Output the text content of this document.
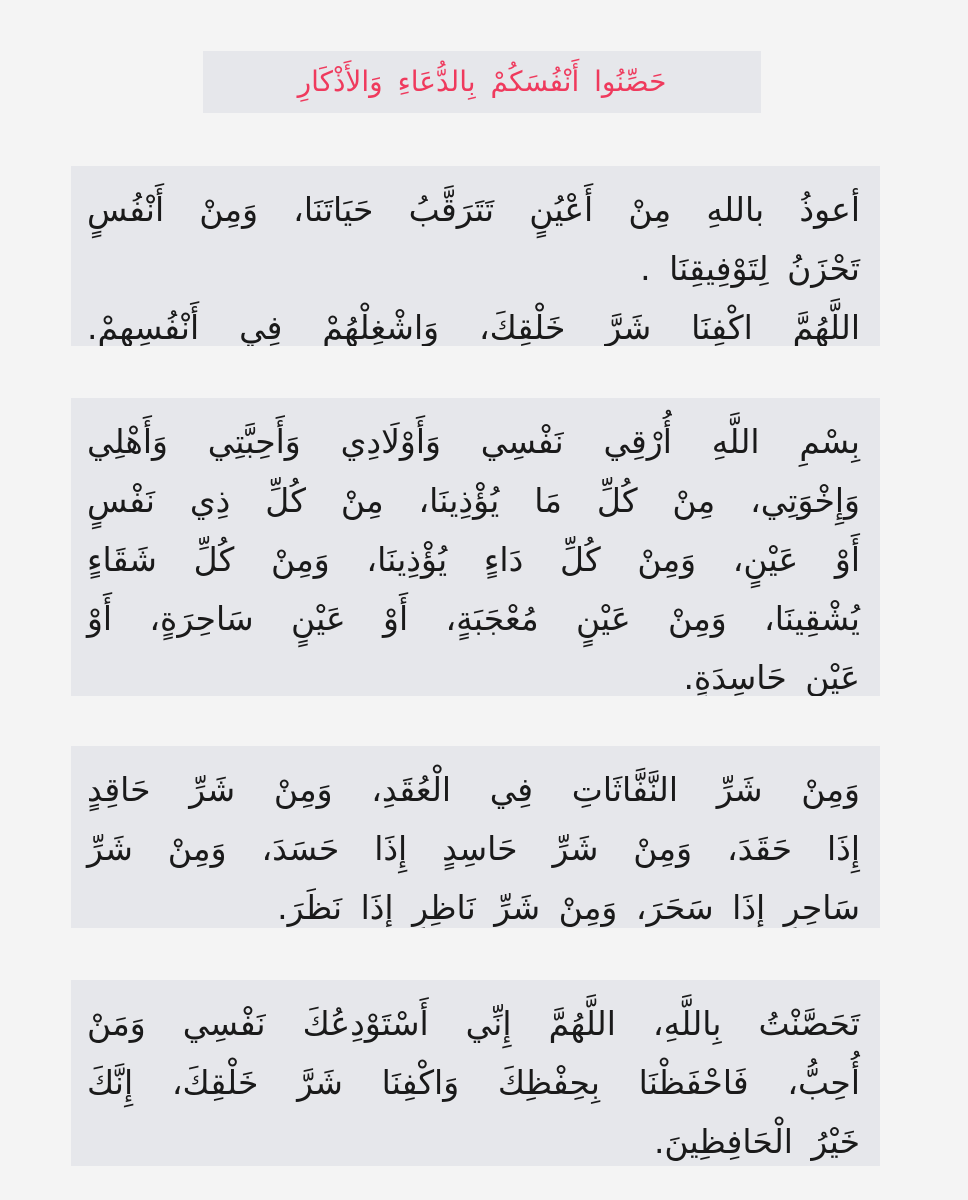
حَصِّنُوا أَنْفُسَكُمْ بِالدُّعَاءِ وَالأَذْكَارِ
أعوذُ باللهِ مِنْ أَعْيُنٍ تَتَرَقَّبُ حَيَاتَنَا، وَمِنْ أَنْفُسٍ
تَحْزَنُ لِتَوْفِيقِنَا .
اللَّهُمَّ اكْفِنَا شَرَّ خَلْقِكَ، وَاشْغِلْهُمْ فِي أَنْفُسِهِمْ.
بِسْمِ اللَّهِ أُرْقِي نَفْسِي وَأَوْلَادِي وَأَحِبَّتِي وَأَهْلِي
وَإِخْوَتِي، مِنْ كُلِّ مَا يُؤْذِينَا، مِنْ كُلِّ ذِي نَفْسٍ
أَوْ عَيْنٍ، وَمِنْ كُلِّ دَاءٍ يُؤْذِينَا، وَمِنْ كُلِّ شَقَاءٍ
يُشْقِينَا، وَمِنْ عَيْنٍ مُعْجَبَةٍ، أَوْ عَيْنٍ سَاحِرَةٍ، أَوْ
عَيْنٍ حَاسِدَةٍ.
وَمِنْ شَرِّ النَّفَّاثَاتِ فِي الْعُقَدِ، وَمِنْ شَرِّ حَاقِدٍ
إِذَا حَقَدَ، وَمِنْ شَرِّ حَاسِدٍ إِذَا حَسَدَ، وَمِنْ شَرِّ
سَاحِرٍ إِذَا سَحَرَ، وَمِنْ شَرِّ نَاظِرٍ إِذَا نَظَرَ.
تَحَصَّنْتُ بِاللَّهِ، اللَّهُمَّ إِنِّي أَسْتَوْدِعُكَ نَفْسِي وَمَنْ
أُحِبُّ، فَاحْفَظْنَا بِحِفْظِكَ وَاكْفِنَا شَرَّ خَلْقِكَ، إِنَّكَ
خَيْرُ الْحَافِظِينَ.
